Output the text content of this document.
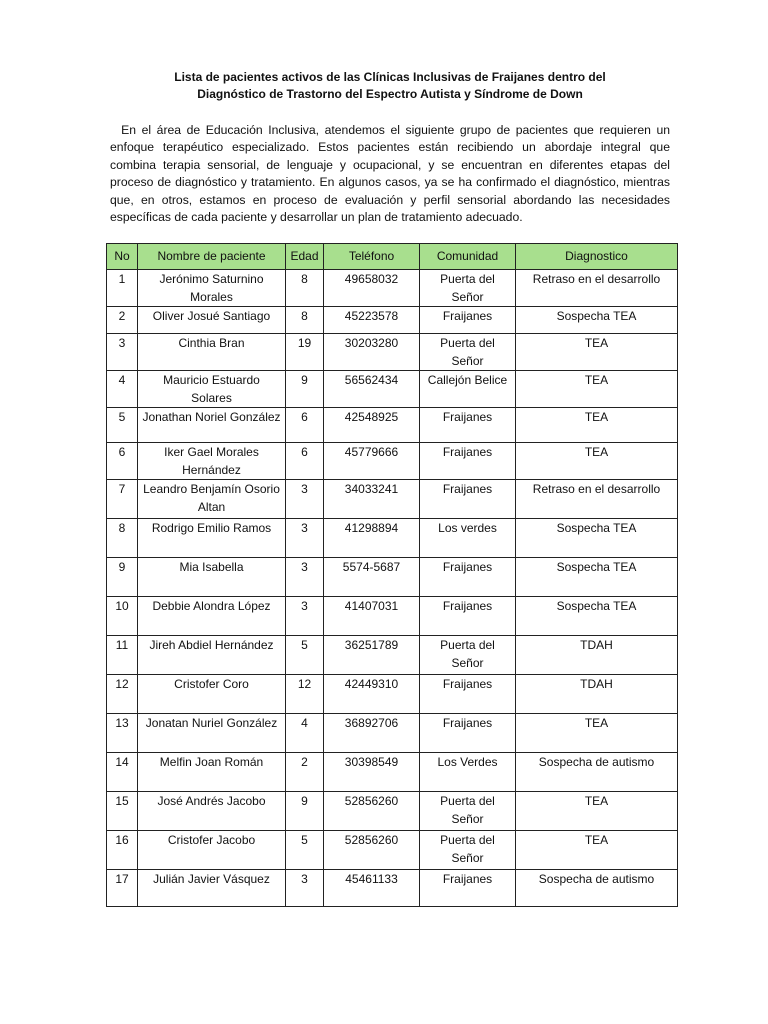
Lista de pacientes activos de las Clínicas Inclusivas de Fraijanes dentro del
Diagnóstico de Trastorno del Espectro Autista y Síndrome de Down
En el área de Educación Inclusiva, atendemos el siguiente grupo de pacientes que requieren un
enfoque terapéutico especializado. Estos pacientes están recibiendo un abordaje integral que
combina terapia sensorial, de lenguaje y ocupacional, y se encuentran en diferentes etapas del
proceso de diagnóstico y tratamiento. En algunos casos, ya se ha confirmado el diagnóstico, mientras
que, en otros, estamos en proceso de evaluación y perfil sensorial abordando las necesidades
específicas de cada paciente y desarrollar un plan de tratamiento adecuado.
No	Nombre de paciente	Edad	Teléfono	Comunidad	Diagnostico
1	Jerónimo Saturnino Morales	8	49658032	Puerta del Señor	Retraso en el desarrollo
2	Oliver Josué Santiago	8	45223578	Fraijanes	Sospecha TEA
3	Cinthia Bran	19	30203280	Puerta del Señor	TEA
4	Mauricio Estuardo Solares	9	56562434	Callejón Belice	TEA
5	Jonathan Noriel González	6	42548925	Fraijanes	TEA
6	Iker Gael Morales Hernández	6	45779666	Fraijanes	TEA
7	Leandro Benjamín Osorio Altan	3	34033241	Fraijanes	Retraso en el desarrollo
8	Rodrigo Emilio Ramos	3	41298894	Los verdes	Sospecha TEA
9	Mia Isabella	3	5574-5687	Fraijanes	Sospecha TEA
10	Debbie Alondra López	3	41407031	Fraijanes	Sospecha TEA
11	Jireh Abdiel Hernández	5	36251789	Puerta del Señor	TDAH
12	Cristofer Coro	12	42449310	Fraijanes	TDAH
13	Jonatan Nuriel González	4	36892706	Fraijanes	TEA
14	Melfin Joan Román	2	30398549	Los Verdes	Sospecha de autismo
15	José Andrés Jacobo	9	52856260	Puerta del Señor	TEA
16	Cristofer Jacobo	5	52856260	Puerta del Señor	TEA
17	Julián Javier Vásquez	3	45461133	Fraijanes	Sospecha de autismo
